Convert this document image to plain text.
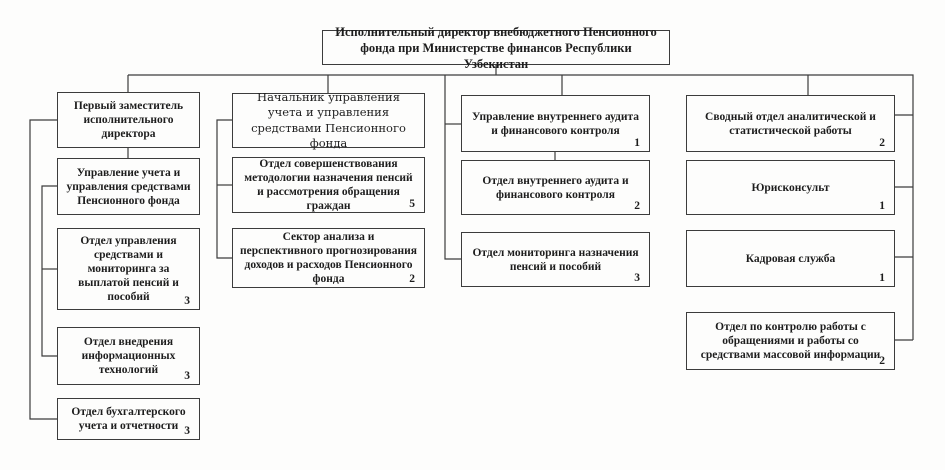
Исполнительный директор внебюджетного Пенсионного фонда при Министерстве финансов Республики Узбекистан
Первый заместитель исполнительного директора
Управление учета и управления средствами Пенсионного фонда
Отдел управления средствами и мониторинга за выплатой пенсий и пособий	3
Отдел внедрения информационных технологий	3
Отдел бухгалтерского учета и отчетности 3
Начальник управления учета и управления средствами Пенсионного фонда
Отдел совершенствования методологии назначения пенсий и рассмотрения обращения граждан	5
Сектор анализа и перспективного прогнозирования доходов и расходов Пенсионного фонда	2
Управление внутреннего аудита и финансового контроля
1
Отдел внутреннего аудита и финансового контроля
2
Отдел мониторинга назначения пенсий и пособий
3
Сводный отдел аналитической и статистической работы
2
Юрисконсульт
1
Кадровая служба
1
Отдел по контролю работы с обращениями и работы со средствами массовой информации 2
